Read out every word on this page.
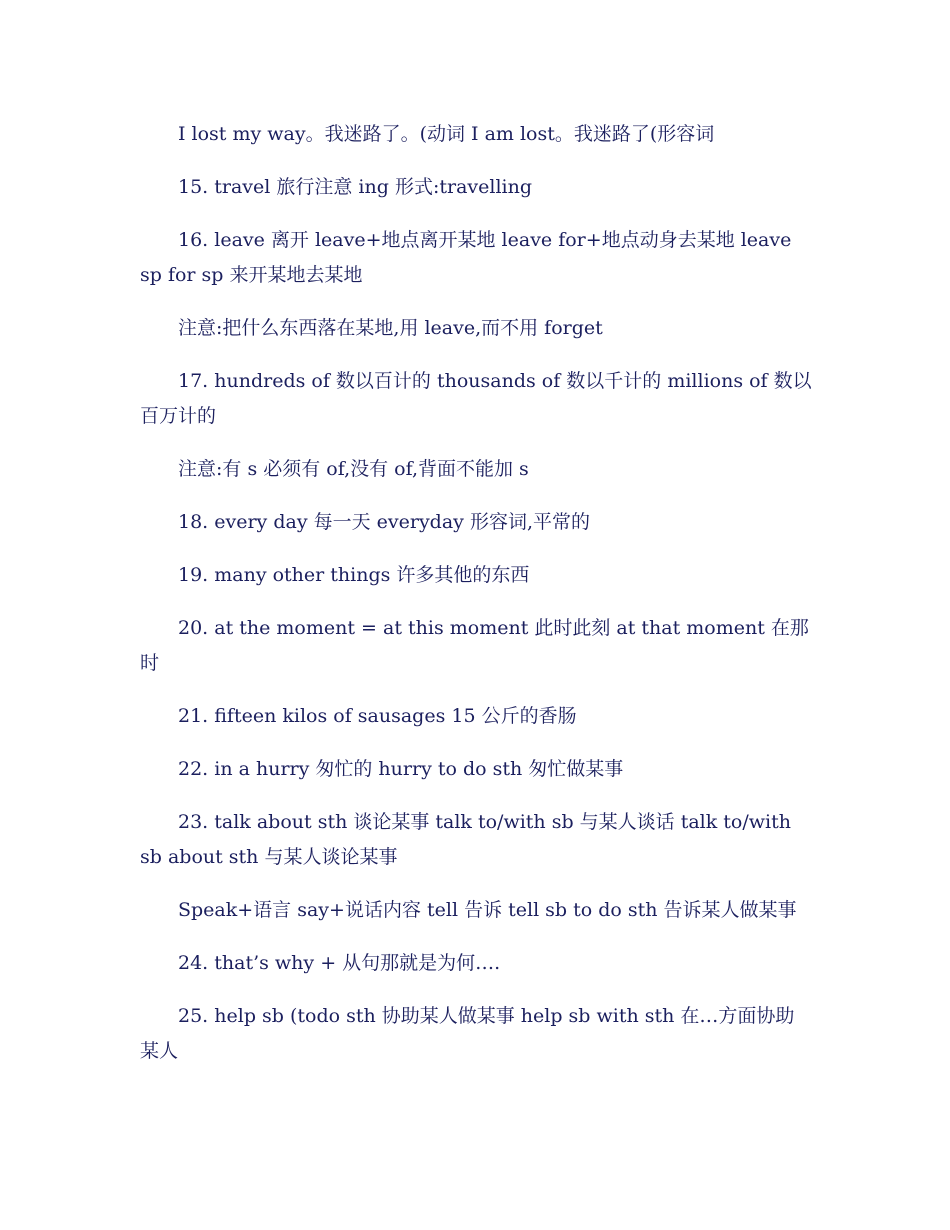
I lost my way。我迷路了。(动词 I am lost。我迷路了(形容词

15. travel 旅行注意 ing 形式:travelling

16. leave 离开 leave+地点离开某地 leave for+地点动身去某地 leave sp for sp 来开某地去某地

注意:把什么东西落在某地,用 leave,而不用 forget

17. hundreds of 数以百计的 thousands of 数以千计的 millions of 数以百万计的

注意:有 s 必须有 of,没有 of,背面不能加 s

18. every day 每一天 everyday 形容词,平常的

19. many other things 许多其他的东西

20. at the moment = at this moment 此时此刻 at that moment 在那时

21. fifteen kilos of sausages 15 公斤的香肠

22. in a hurry 匆忙的 hurry to do sth 匆忙做某事

23. talk about sth 谈论某事 talk to/with sb 与某人谈话 talk to/with sb about sth 与某人谈论某事

Speak+语言 say+说话内容 tell 告诉 tell sb to do sth 告诉某人做某事

24. that’s why + 从句那就是为何….

25. help sb (todo sth 协助某人做某事 help sb with sth 在…方面协助某人
